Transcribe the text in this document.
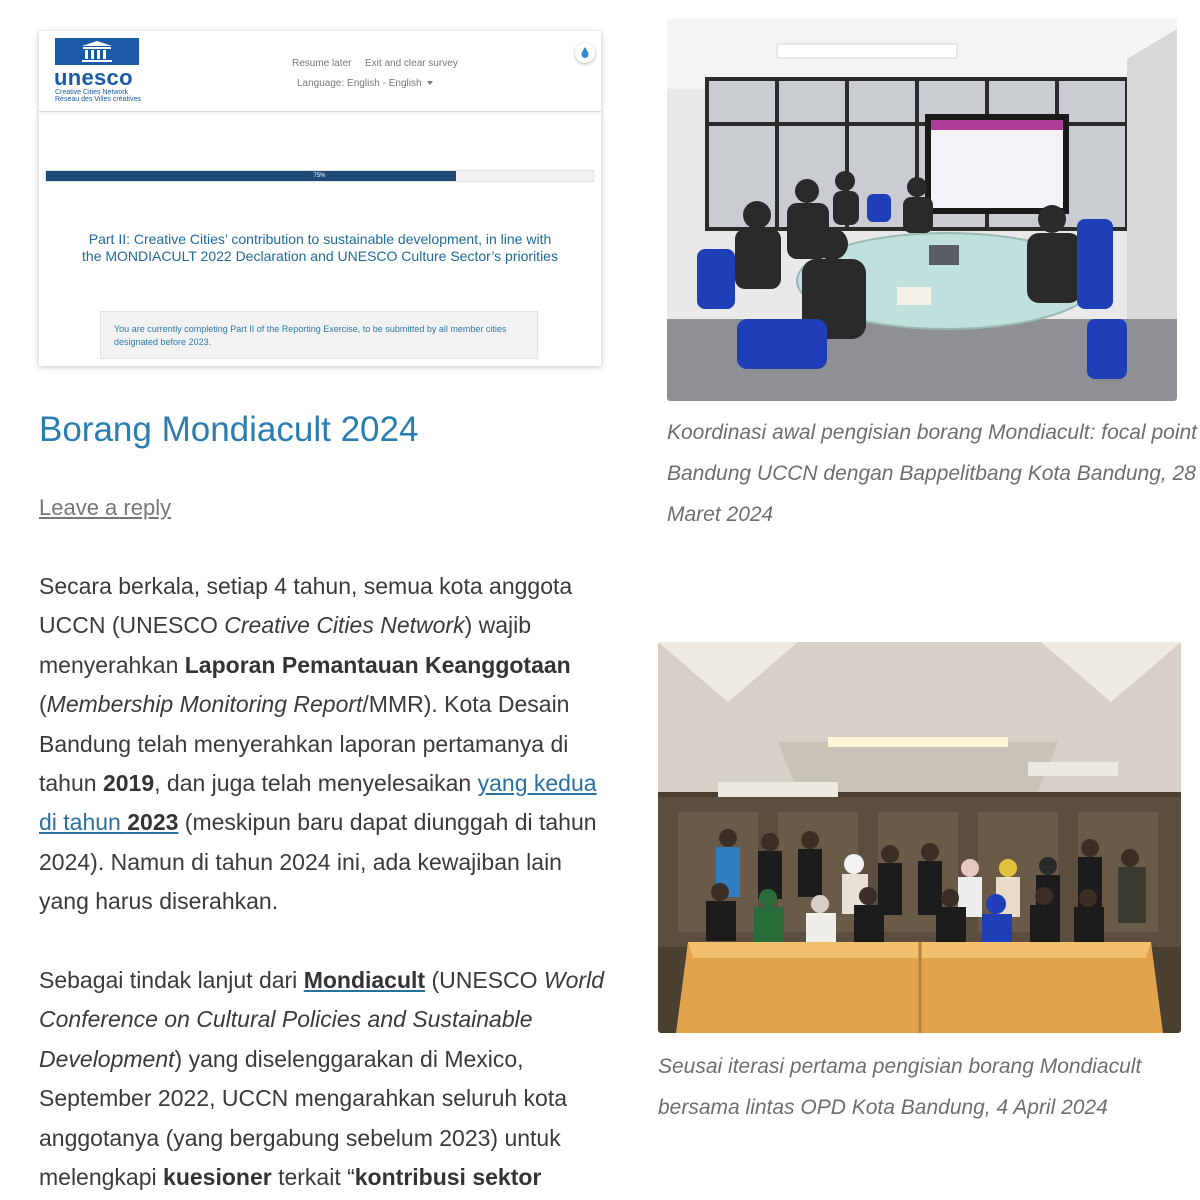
unesco
Creative Cities Network
Réseau des Villes créatives
Resume later Exit and clear survey
Language: English - English
75%
Part II: Creative Cities’ contribution to sustainable development, in line with the MONDIACULT 2022 Declaration and UNESCO Culture Sector’s priorities
You are currently completing Part II of the Reporting Exercise, to be submitted by all member cities designated before 2023.
Borang Mondiacult 2024
Leave a reply

Secara berkala, setiap 4 tahun, semua kota anggota UCCN (UNESCO Creative Cities Network) wajib menyerahkan Laporan Pemantauan Keanggotaan (Membership Monitoring Report/MMR). Kota Desain Bandung telah menyerahkan laporan pertamanya di tahun 2019, dan juga telah menyelesaikan yang kedua di tahun 2023 (meskipun baru dapat diunggah di tahun 2024). Namun di tahun 2024 ini, ada kewajiban lain yang harus diserahkan.

Sebagai tindak lanjut dari Mondiacult (UNESCO World Conference on Cultural Policies and Sustainable Development) yang diselenggarakan di Mexico, September 2022, UCCN mengarahkan seluruh kota anggotanya (yang bergabung sebelum 2023) untuk melengkapi kuesioner terkait “kontribusi sektor

Koordinasi awal pengisian borang Mondiacult: focal point Bandung UCCN dengan Bappelitbang Kota Bandung, 28 Maret 2024
Seusai iterasi pertama pengisian borang Mondiacult bersama lintas OPD Kota Bandung, 4 April 2024
